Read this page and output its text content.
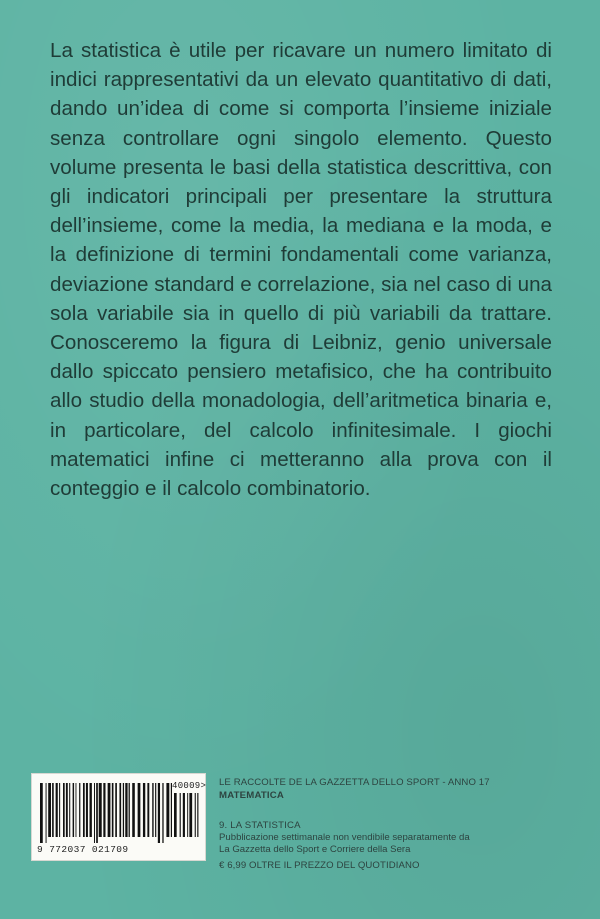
La statistica è utile per ricavare un numero limitato di indici rappresentativi da un elevato quantitativo di dati, dando un’idea di come si comporta l’insieme iniziale senza controllare ogni singolo elemento. Questo volume presenta le basi della statistica descrittiva, con gli indicatori principali per presentare la struttura dell’insieme, come la media, la mediana e la moda, e la definizione di termini fondamentali come varianza, deviazione standard e correlazione, sia nel caso di una sola variabile sia in quello di più variabili da trattare. Conosceremo la figura di Leibniz, genio universale dallo spiccato pensiero metafisico, che ha contribuito allo studio della monadologia, dell’aritmetica binaria e, in particolare, del calcolo infinitesimale. I giochi matematici infine ci metteranno alla prova con il conteggio e il calcolo combinatorio.

40009>
9 772037 021709
LE RACCOLTE DE LA GAZZETTA DELLO SPORT - ANNO 17
MATEMATICA
9. LA STATISTICA
Pubblicazione settimanale non vendibile separatamente da
La Gazzetta dello Sport e Corriere della Sera
€ 6,99 OLTRE IL PREZZO DEL QUOTIDIANO
